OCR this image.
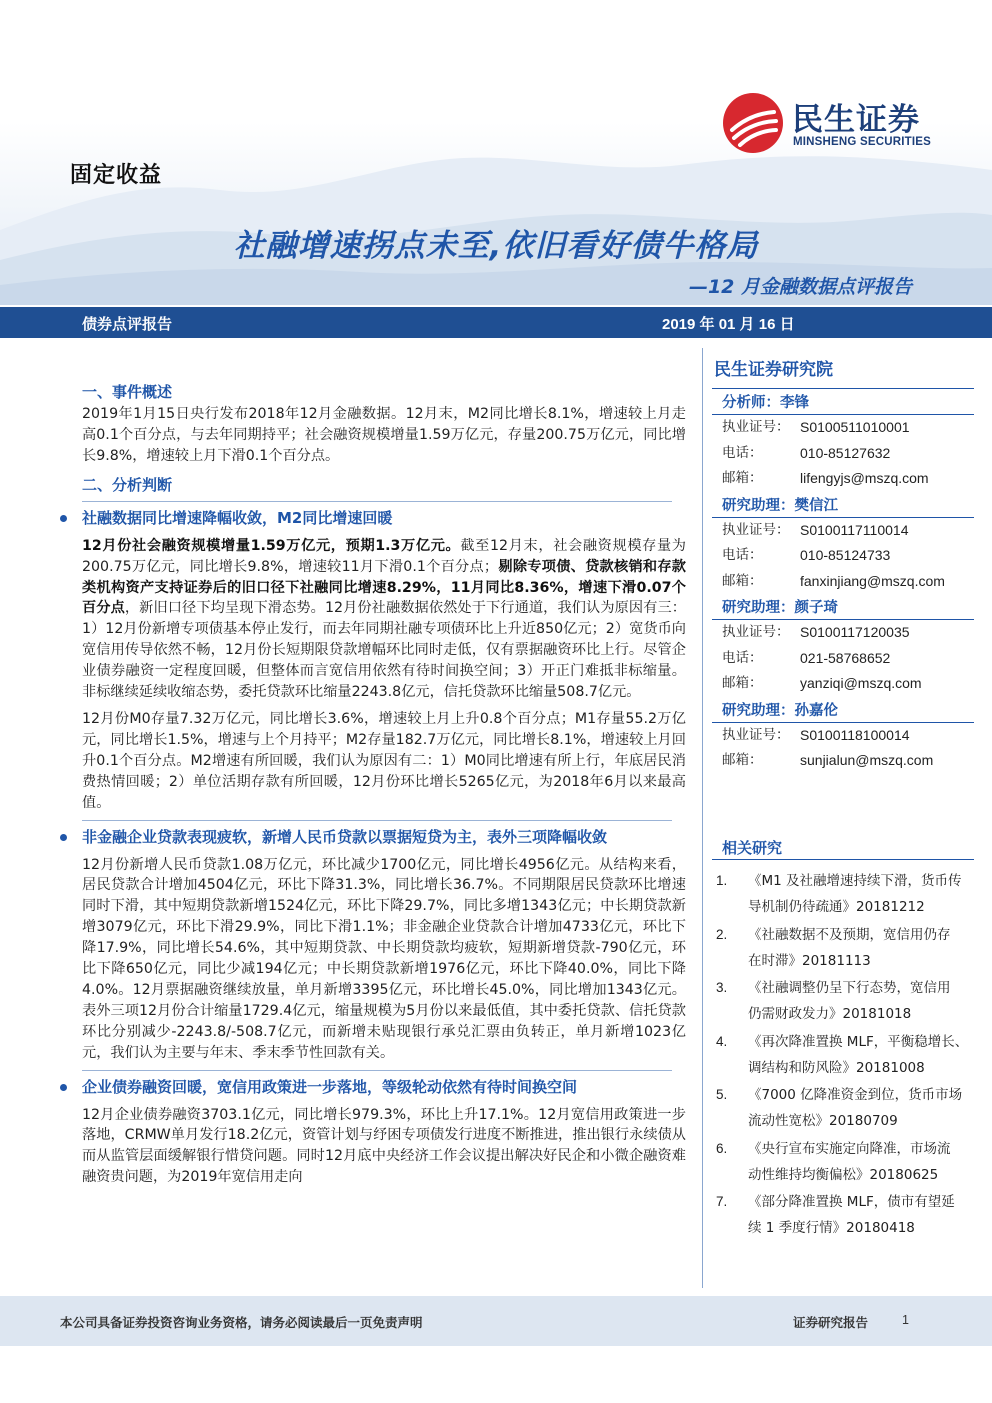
民生证券
MINSHENG SECURITIES
固定收益
社融增速拐点未至,依旧看好债牛格局
—12 月金融数据点评报告
债券点评报告	2019 年 01 月 16 日
一、事件概述
2019年1月15日央行发布2018年12月金融数据。12月末，M2同比增长8.1%，增速较上月走高0.1个百分点，与去年同期持平；社会融资规模增量1.59万亿元，存量200.75万亿元，同比增长9.8%，增速较上月下滑0.1个百分点。
二、分析判断
社融数据同比增速降幅收敛，M2同比增速回暖
12月份社会融资规模增量1.59万亿元，预期1.3万亿元。截至12月末，社会融资规模存量为200.75万亿元，同比增长9.8%，增速较11月下滑0.1个百分点；剔除专项债、贷款核销和存款类机构资产支持证券后的旧口径下社融同比增速8.29%，11月同比8.36%，增速下滑0.07个百分点，新旧口径下均呈现下滑态势。12月份社融数据依然处于下行通道，我们认为原因有三：1）12月份新增专项债基本停止发行，而去年同期社融专项债环比上升近850亿元；2）宽货币向宽信用传导依然不畅，12月份长短期限贷款增幅环比同时走低，仅有票据融资环比上行。尽管企业债券融资一定程度回暖，但整体而言宽信用依然有待时间换空间；3）开正门难抵非标缩量。非标继续延续收缩态势，委托贷款环比缩量2243.8亿元，信托贷款环比缩量508.7亿元。
12月份M0存量7.32万亿元，同比增长3.6%，增速较上月上升0.8个百分点；M1存量55.2万亿元，同比增长1.5%，增速与上个月持平；M2存量182.7万亿元，同比增长8.1%，增速较上月回升0.1个百分点。M2增速有所回暖，我们认为原因有二：1）M0同比增速有所上行，年底居民消费热情回暖；2）单位活期存款有所回暖，12月份环比增长5265亿元，为2018年6月以来最高值。
非金融企业贷款表现疲软，新增人民币贷款以票据短贷为主，表外三项降幅收敛
12月份新增人民币贷款1.08万亿元，环比减少1700亿元，同比增长4956亿元。从结构来看，居民贷款合计增加4504亿元，环比下降31.3%，同比增长36.7%。不同期限居民贷款环比增速同时下滑，其中短期贷款新增1524亿元，环比下降29.7%，同比多增1343亿元；中长期贷款新增3079亿元，环比下滑29.9%，同比下滑1.1%；非金融企业贷款合计增加4733亿元，环比下降17.9%，同比增长54.6%，其中短期贷款、中长期贷款均疲软，短期新增贷款-790亿元，环比下降650亿元，同比少减194亿元；中长期贷款新增1976亿元，环比下降40.0%，同比下降4.0%。12月票据融资继续放量，单月新增3395亿元，环比增长45.0%，同比增加1343亿元。表外三项12月份合计缩量1729.4亿元，缩量规模为5月份以来最低值，其中委托贷款、信托贷款环比分别减少-2243.8/-508.7亿元，而新增未贴现银行承兑汇票由负转正，单月新增1023亿元，我们认为主要与年末、季末季节性回款有关。
企业债券融资回暖，宽信用政策进一步落地，等级轮动依然有待时间换空间
12月企业债券融资3703.1亿元，同比增长979.3%，环比上升17.1%。12月宽信用政策进一步落地，CRMW单月发行18.2亿元，资管计划与纾困专项债发行进度不断推进，推出银行永续债从而从监管层面缓解银行惜贷问题。同时12月底中央经济工作会议提出解决好民企和小微企融资难融资贵问题，为2019年宽信用走向
民生证券研究院
分析师：李锋
执业证号： S0100511010001
电话：	010-85127632
邮箱：	lifengyjs@mszq.com
研究助理：樊信江
执业证号： S0100117110014
电话：	010-85124733
邮箱：	fanxinjiang@mszq.com
研究助理：颜子琦
执业证号： S0100117120035
电话：	021-58768652
邮箱：	yanziqi@mszq.com
研究助理：孙嘉伦
执业证号： S0100118100014
邮箱：	sunjialun@mszq.com
相关研究
1. 《M1 及社融增速持续下滑，货币传
导机制仍待疏通》20181212
2. 《社融数据不及预期，宽信用仍存
在时滞》20181113
3. 《社融调整仍呈下行态势，宽信用
仍需财政发力》20181018
4. 《再次降准置换 MLF，平衡稳增长、
调结构和防风险》20181008
5. 《7000 亿降准资金到位，货币市场
流动性宽松》20180709
6. 《央行宣布实施定向降准，市场流
动性维持均衡偏松》20180625
7. 《部分降准置换 MLF，债市有望延
续 1 季度行情》20180418
本公司具备证券投资咨询业务资格，请务必阅读最后一页免责声明	证券研究报告	1
